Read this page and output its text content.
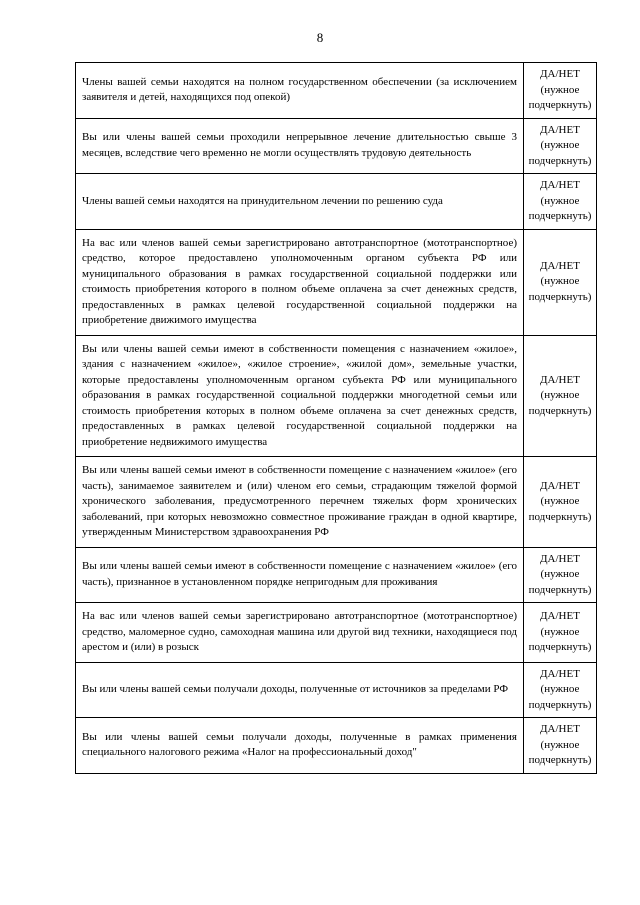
8
Члены вашей семьи находятся на полном государственном обеспечении (за исключением заявителя и детей, находящихся под опекой)	ДА/НЕТ
(нужное подчеркнуть)

Вы или члены вашей семьи проходили непрерывное лечение длительностью свыше 3 месяцев, вследствие чего временно не могли осуществлять трудовую деятельность	ДА/НЕТ
(нужное подчеркнуть)

Члены вашей семьи находятся на принудительном лечении по решению суда	ДА/НЕТ
(нужное подчеркнуть)

На вас или членов вашей семьи зарегистрировано автотранспортное (мототранспортное) средство, которое предоставлено уполномоченным органом субъекта РФ или муниципального образования в рамках государственной социальной поддержки или стоимость приобретения которого в полном объеме оплачена за счет денежных средств, предоставленных в рамках целевой государственной социальной поддержки на приобретение движимого имущества	ДА/НЕТ
(нужное подчеркнуть)

Вы или члены вашей семьи имеют в собственности помещения с назначением «жилое», здания с назначением «жилое», «жилое строение», «жилой дом», земельные участки, которые предоставлены уполномоченным органом субъекта РФ или муниципального образования в рамках государственной социальной поддержки многодетной семьи или стоимость приобретения которых в полном объеме оплачена за счет денежных средств, предоставленных в рамках целевой государственной социальной поддержки на приобретение недвижимого имущества	ДА/НЕТ
(нужное подчеркнуть)

Вы или члены вашей семьи имеют в собственности помещение с назначением «жилое» (его часть), занимаемое заявителем и (или) членом его семьи, страдающим тяжелой формой хронического заболевания, предусмотренного перечнем тяжелых форм хронических заболеваний, при которых невозможно совместное проживание граждан в одной квартире, утвержденным Министерством здравоохранения РФ	ДА/НЕТ
(нужное подчеркнуть)

Вы или члены вашей семьи имеют в собственности помещение с назначением «жилое» (его часть), признанное в установленном порядке непригодным для проживания	ДА/НЕТ
(нужное подчеркнуть)

На вас или членов вашей семьи зарегистрировано автотранспортное (мототранспортное) средство, маломерное судно, самоходная машина или другой вид техники, находящиеся под арестом и (или) в розыск	ДА/НЕТ
(нужное подчеркнуть)

Вы или члены вашей семьи получали доходы, полученные от источников за пределами РФ	ДА/НЕТ
(нужное подчеркнуть)

Вы или члены вашей семьи получали доходы, полученные в рамках применения специального налогового режима «Налог на профессиональный доход"	ДА/НЕТ
(нужное подчеркнуть)
